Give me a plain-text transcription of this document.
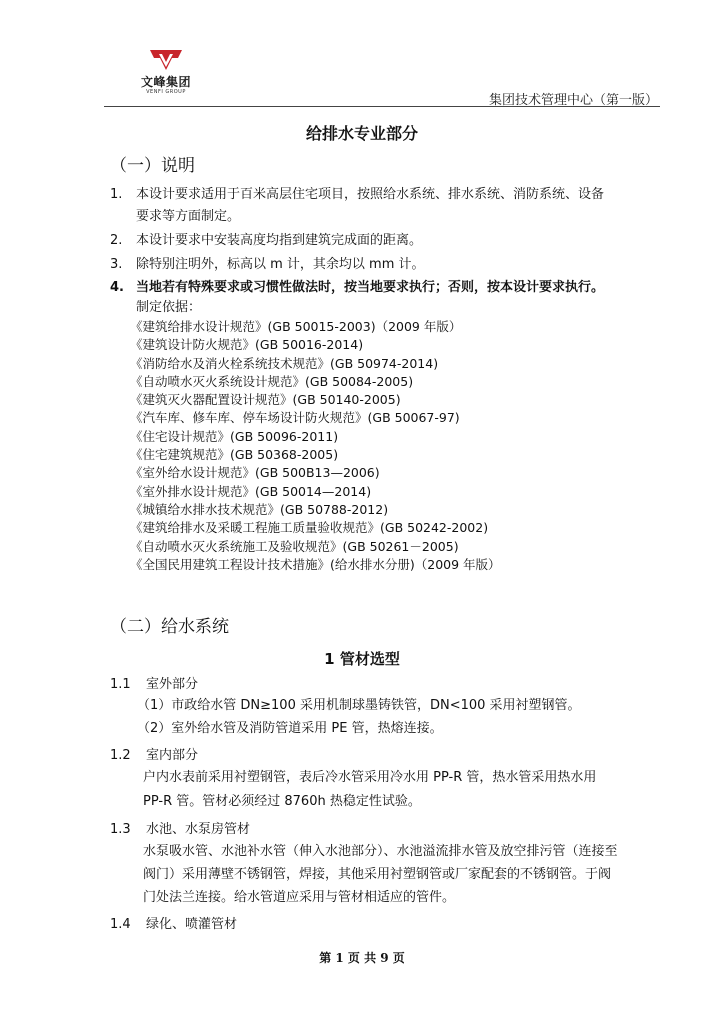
文峰集团
VENFI GROUP
集团技术管理中心（第一版）
给排水专业部分
（一）说明
1. 本设计要求适用于百米高层住宅项目，按照给水系统、排水系统、消防系统、设备
要求等方面制定。
2. 本设计要求中安装高度均指到建筑完成面的距离。
3. 除特别注明外，标高以 m 计，其余均以 mm 计。
4. 当地若有特殊要求或习惯性做法时，按当地要求执行；否则，按本设计要求执行。
制定依据：
《建筑给排水设计规范》(GB 50015-2003)（2009 年版）
《建筑设计防火规范》(GB 50016-2014)
《消防给水及消火栓系统技术规范》(GB 50974-2014)
《自动喷水灭火系统设计规范》(GB 50084-2005)
《建筑灭火器配置设计规范》(GB 50140-2005)
《汽车库、修车库、停车场设计防火规范》(GB 50067-97)
《住宅设计规范》(GB 50096-2011)
《住宅建筑规范》(GB 50368-2005)
《室外给水设计规范》(GB 500B13—2006)
《室外排水设计规范》(GB 50014—2014)
《城镇给水排水技术规范》(GB 50788-2012)
《建筑给排水及采暖工程施工质量验收规范》(GB 50242-2002)
《自动喷水灭火系统施工及验收规范》(GB 50261－2005)
《全国民用建筑工程设计技术措施》(给水排水分册)（2009 年版）
（二）给水系统
1 管材选型
1.1 室外部分
（1）市政给水管 DN≥100 采用机制球墨铸铁管，DN<100 采用衬塑钢管。
（2）室外给水管及消防管道采用 PE 管，热熔连接。
1.2 室内部分
户内水表前采用衬塑钢管，表后冷水管采用冷水用 PP-R 管，热水管采用热水用
PP-R 管。管材必须经过 8760h 热稳定性试验。
1.3 水池、水泵房管材
水泵吸水管、水池补水管（伸入水池部分）、水池溢流排水管及放空排污管（连接至
阀门）采用薄壁不锈钢管，焊接，其他采用衬塑钢管或厂家配套的不锈钢管。于阀
门处法兰连接。给水管道应采用与管材相适应的管件。
1.4 绿化、喷灌管材
第 1 页 共 9 页
